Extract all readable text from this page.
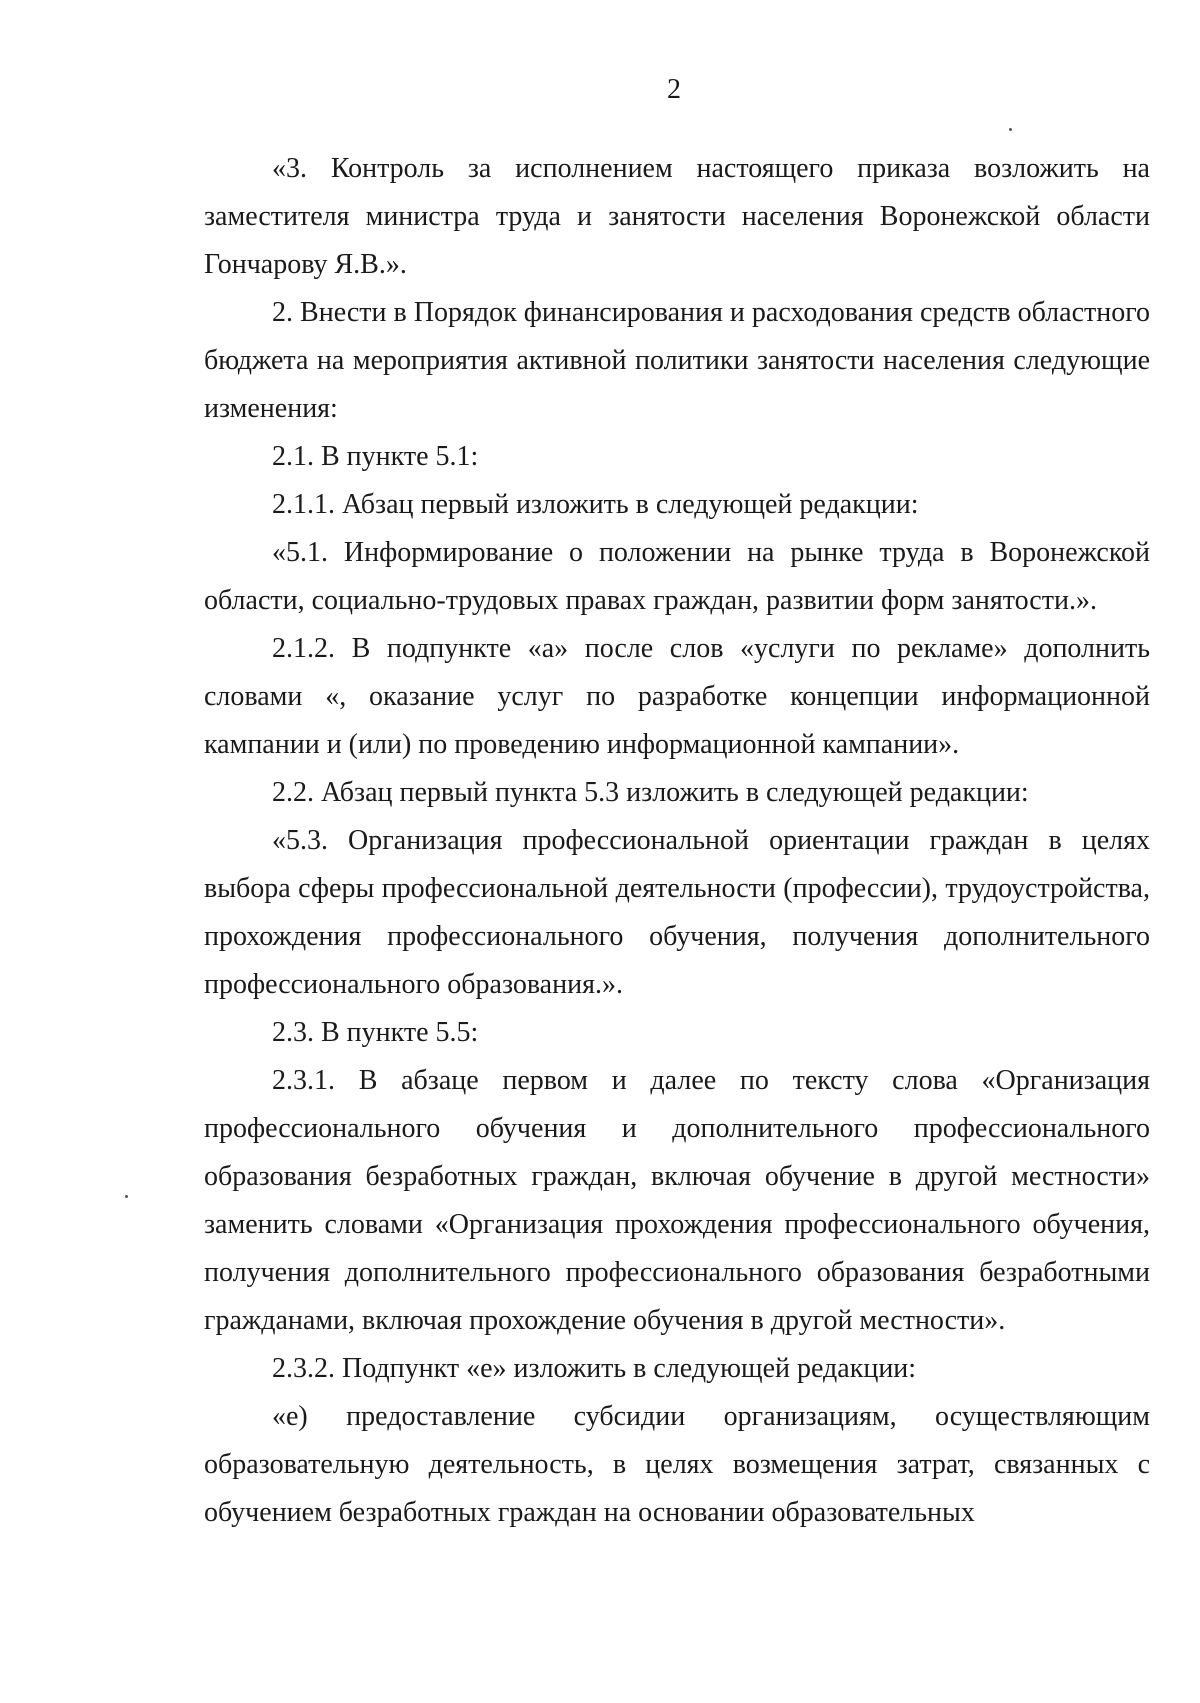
2

«3. Контроль за исполнением настоящего приказа возложить на заместителя министра труда и занятости населения Воронежской области Гончарову Я.В.».

2. Внести в Порядок финансирования и расходования средств областного бюджета на мероприятия активной политики занятости населения следующие изменения:

2.1. В пункте 5.1:

2.1.1. Абзац первый изложить в следующей редакции:

«5.1. Информирование о положении на рынке труда в Воронежской области, социально-трудовых правах граждан, развитии форм занятости.».

2.1.2. В подпункте «а» после слов «услуги по рекламе» дополнить словами «, оказание услуг по разработке концепции информационной кампании и (или) по проведению информационной кампании».

2.2. Абзац первый пункта 5.3 изложить в следующей редакции:

«5.3. Организация профессиональной ориентации граждан в целях выбора сферы профессиональной деятельности (профессии), трудоустройства, прохождения профессионального обучения, получения дополнительного профессионального образования.».

2.3. В пункте 5.5:

2.3.1. В абзаце первом и далее по тексту слова «Организация профессионального обучения и дополнительного профессионального образования безработных граждан, включая обучение в другой местности» заменить словами «Организация прохождения профессионального обучения, получения дополнительного профессионального образования безработными гражданами, включая прохождение обучения в другой местности».

2.3.2. Подпункт «е» изложить в следующей редакции:

«е) предоставление субсидии организациям, осуществляющим образовательную деятельность, в целях возмещения затрат, связанных с обучением безработных граждан на основании образовательных
